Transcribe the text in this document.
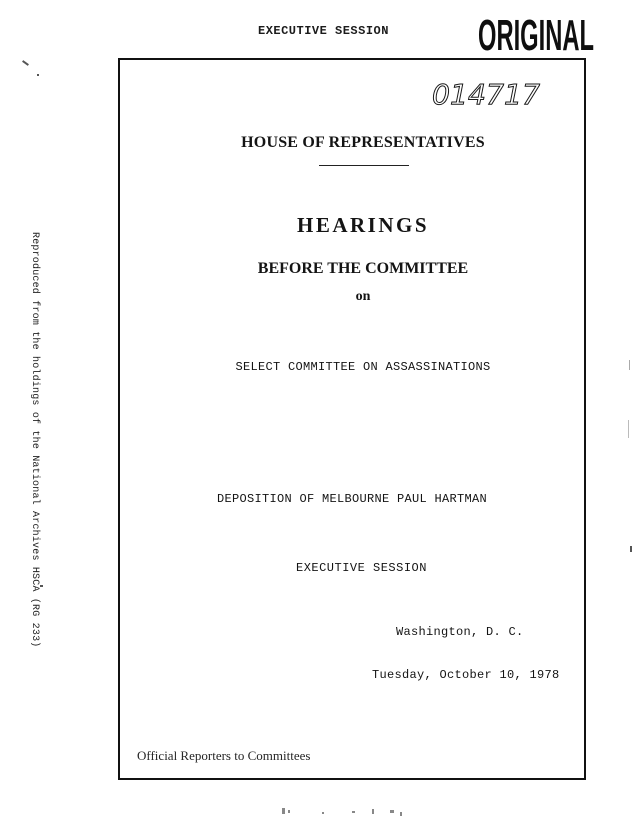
EXECUTIVE SESSION ORIGINAL
014717
HOUSE OF REPRESENTATIVES
HEARINGS
BEFORE THE COMMITTEE
on
SELECT COMMITTEE ON ASSASSINATIONS
DEPOSITION OF MELBOURNE PAUL HARTMAN
EXECUTIVE SESSION
Washington, D. C.
Tuesday, October 10, 1978
Official Reporters to Committees
Reproduced from the holdings of the National Archives HSCA (RG 233)
